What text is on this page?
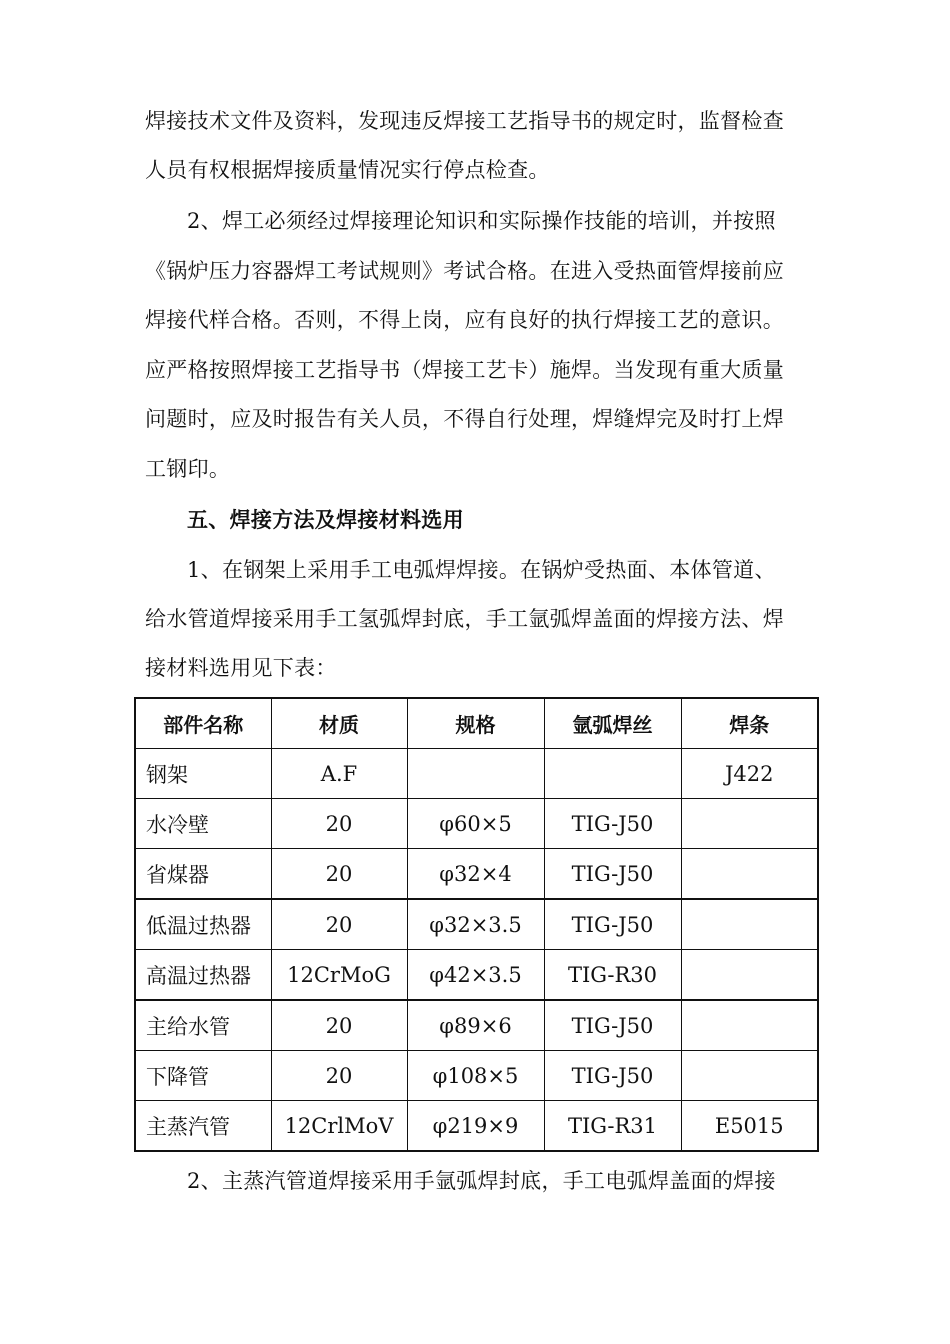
焊接技术文件及资料，发现违反焊接工艺指导书的规定时，监督检查
人员有权根据焊接质量情况实行停点检查。
2、焊工必须经过焊接理论知识和实际操作技能的培训，并按照
《锅炉压力容器焊工考试规则》考试合格。在进入受热面管焊接前应
焊接代样合格。否则，不得上岗，应有良好的执行焊接工艺的意识。
应严格按照焊接工艺指导书（焊接工艺卡）施焊。当发现有重大质量
问题时，应及时报告有关人员，不得自行处理，焊缝焊完及时打上焊
工钢印。
五、焊接方法及焊接材料选用
1、在钢架上采用手工电弧焊焊接。在锅炉受热面、本体管道、
给水管道焊接采用手工氢弧焊封底，手工氩弧焊盖面的焊接方法、焊
接材料选用见下表：
部件名称	材质	规格	氩弧焊丝	焊条
钢架	A.F			J422
水冷壁	20	φ60×5	TIG-J50	
省煤器	20	φ32×4	TIG-J50	
低温过热器	20	φ32×3.5	TIG-J50	
高温过热器	12CrMoG	φ42×3.5	TIG-R30	
主给水管	20	φ89×6	TIG-J50	
下降管	20	φ108×5	TIG-J50	
主蒸汽管	12CrlMoV	φ219×9	TIG-R31	E5015
2、主蒸汽管道焊接采用手氩弧焊封底，手工电弧焊盖面的焊接
